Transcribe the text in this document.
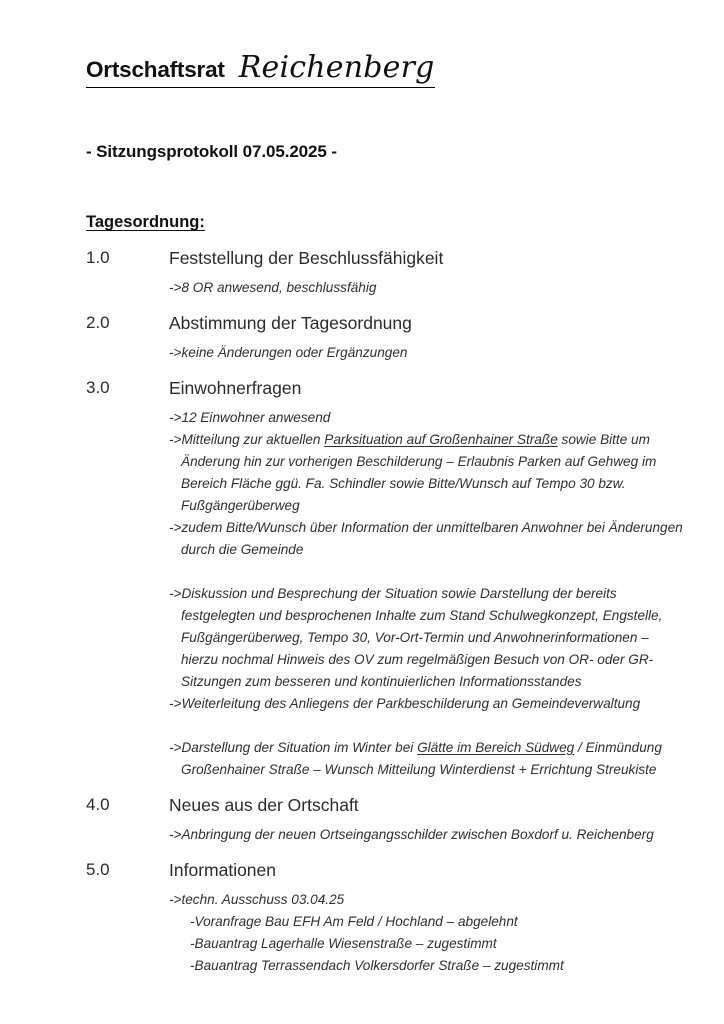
Ortschaftsrat Reichenberg
- Sitzungsprotokoll 07.05.2025 -
Tagesordnung:
1.0	Feststellung der Beschlussfähigkeit
->8 OR anwesend, beschlussfähig
2.0	Abstimmung der Tagesordnung
->keine Änderungen oder Ergänzungen
3.0	Einwohnerfragen
->12 Einwohner anwesend
->Mitteilung zur aktuellen Parksituation auf Großenhainer Straße sowie Bitte um Änderung hin zur vorherigen Beschilderung – Erlaubnis Parken auf Gehweg im Bereich Fläche ggü. Fa. Schindler sowie Bitte/Wunsch auf Tempo 30 bzw. Fußgängerüberweg
->zudem Bitte/Wunsch über Information der unmittelbaren Anwohner bei Änderungen durch die Gemeinde
->Diskussion und Besprechung der Situation sowie Darstellung der bereits festgelegten und besprochenen Inhalte zum Stand Schulwegkonzept, Engstelle, Fußgängerüberweg, Tempo 30, Vor-Ort-Termin und Anwohnerinformationen – hierzu nochmal Hinweis des OV zum regelmäßigen Besuch von OR- oder GR-Sitzungen zum besseren und kontinuierlichen Informationsstandes
->Weiterleitung des Anliegens der Parkbeschilderung an Gemeindeverwaltung
->Darstellung der Situation im Winter bei Glätte im Bereich Südweg / Einmündung Großenhainer Straße – Wunsch Mitteilung Winterdienst + Errichtung Streukiste
4.0	Neues aus der Ortschaft
->Anbringung der neuen Ortseingangsschilder zwischen Boxdorf u. Reichenberg
5.0	Informationen
->techn. Ausschuss 03.04.25
-Voranfrage Bau EFH Am Feld / Hochland – abgelehnt
-Bauantrag Lagerhalle Wiesenstraße – zugestimmt
-Bauantrag Terrassendach Volkersdorfer Straße – zugestimmt
